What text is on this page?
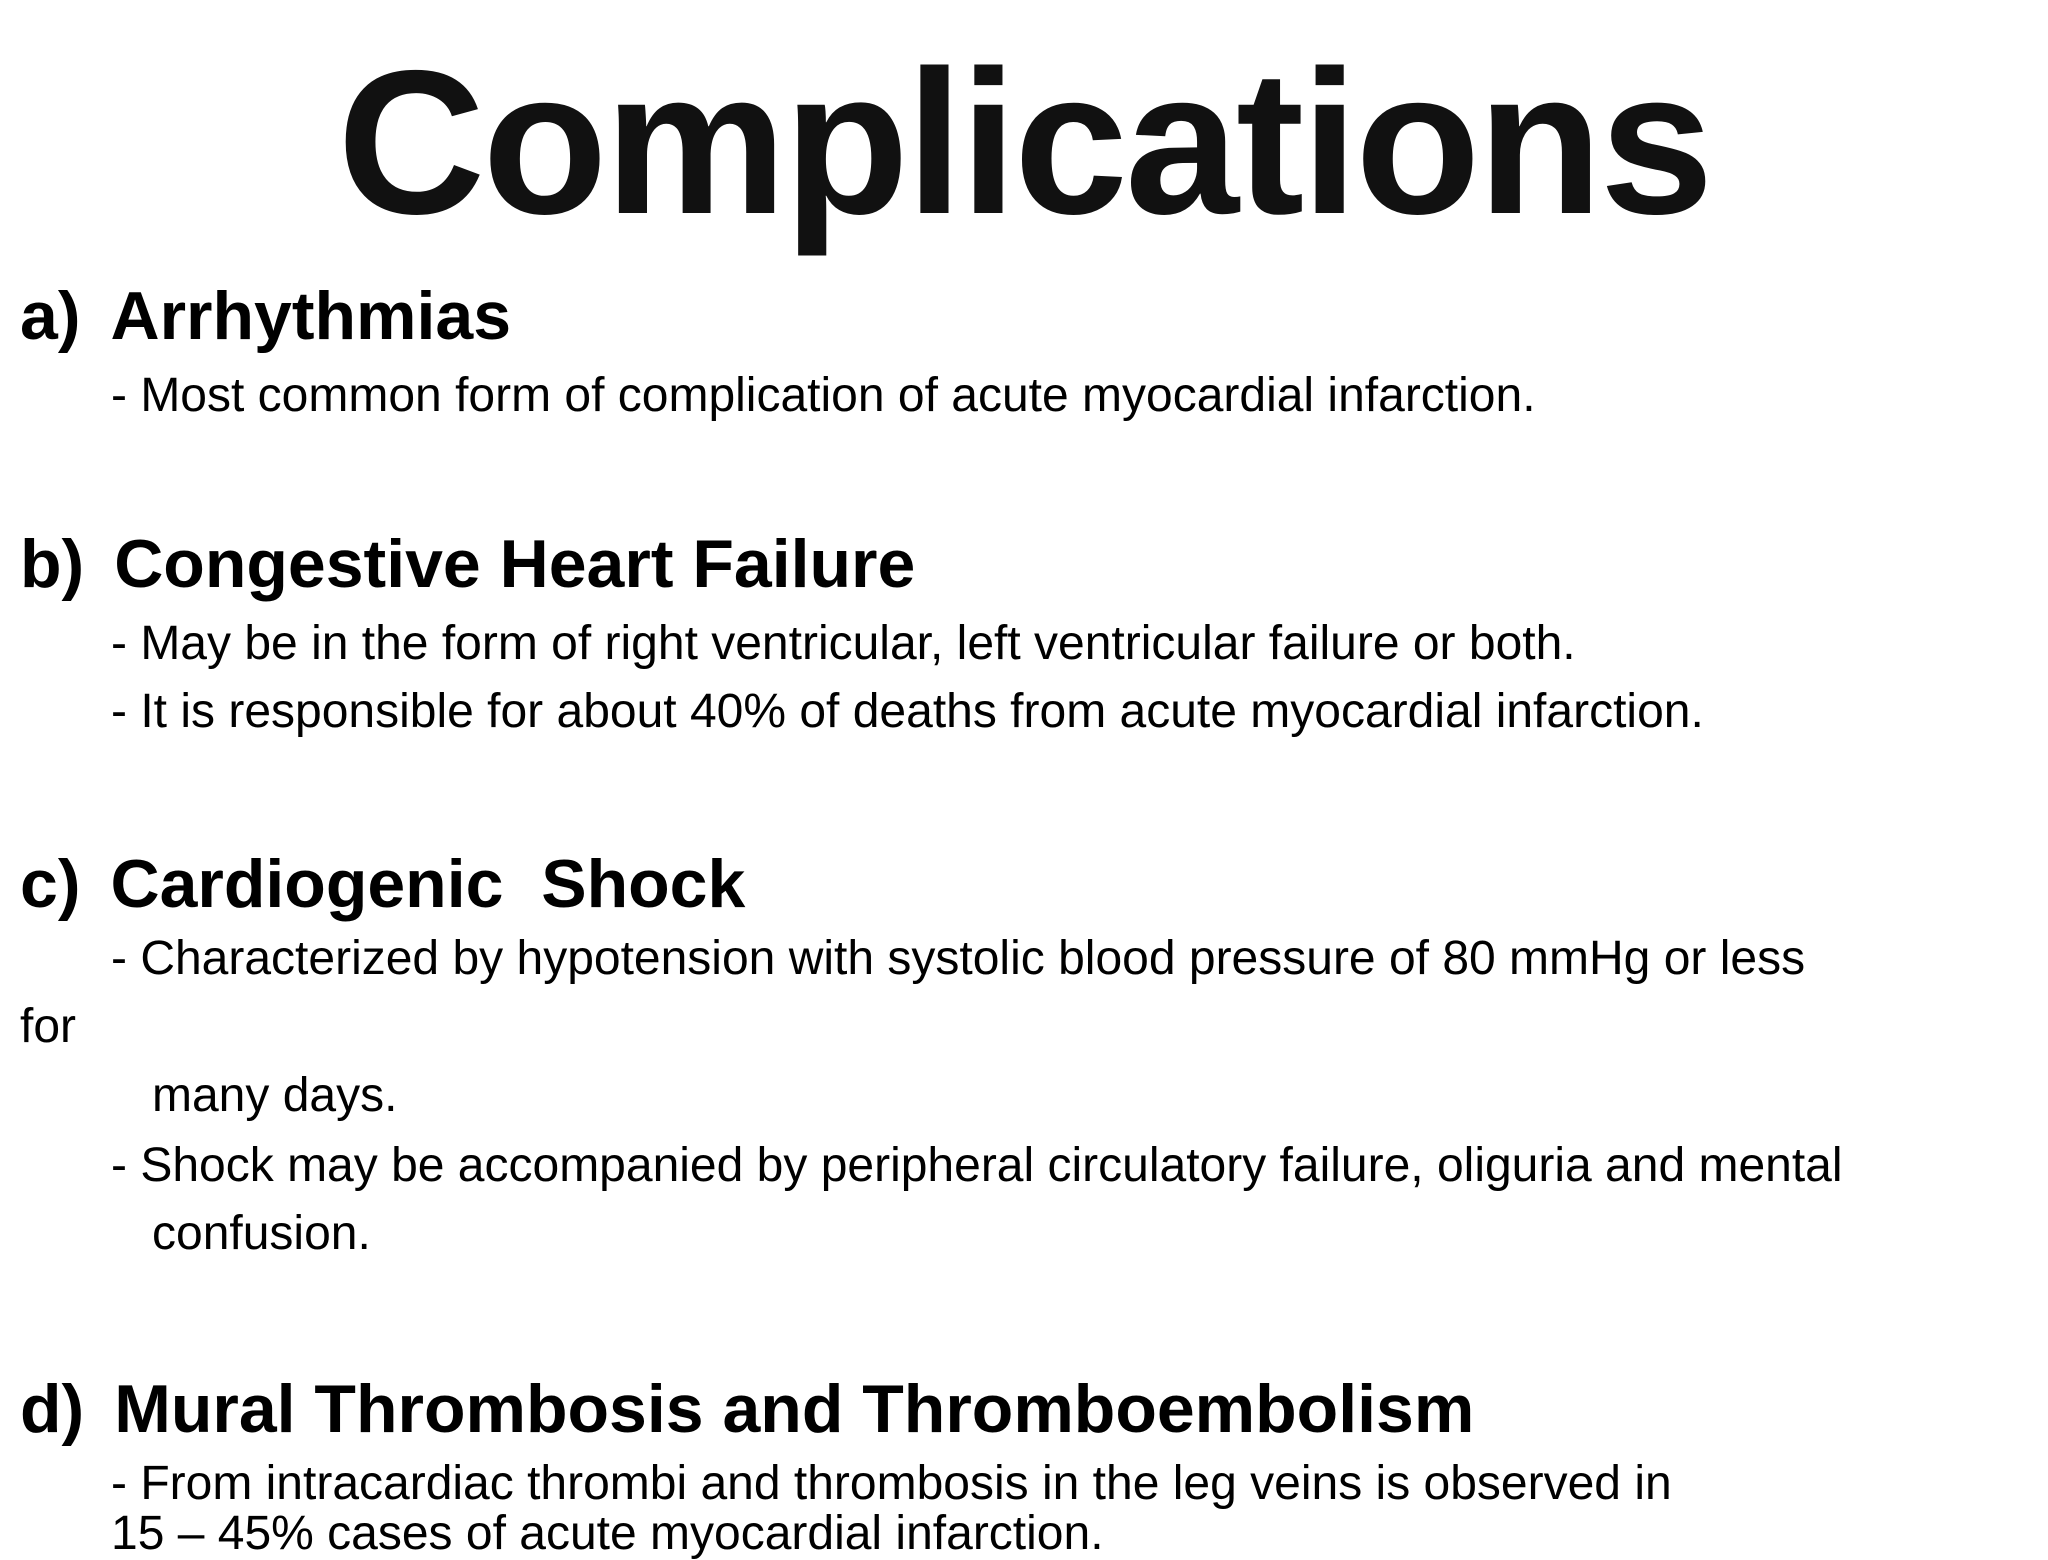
Complications
a) Arrhythmias
- Most common form of complication of acute myocardial infarction.
b) Congestive Heart Failure
- May be in the form of right ventricular, left ventricular failure or both.
- It is responsible for about 40% of deaths from acute myocardial infarction.
c) Cardiogenic  Shock
- Characterized by hypotension with systolic blood pressure of 80 mmHg or less
for
many days.
- Shock may be accompanied by peripheral circulatory failure, oliguria and mental
confusion.
d) Mural Thrombosis and Thromboembolism
- From intracardiac thrombi and thrombosis in the leg veins is observed in
15 – 45% cases of acute myocardial infarction.
